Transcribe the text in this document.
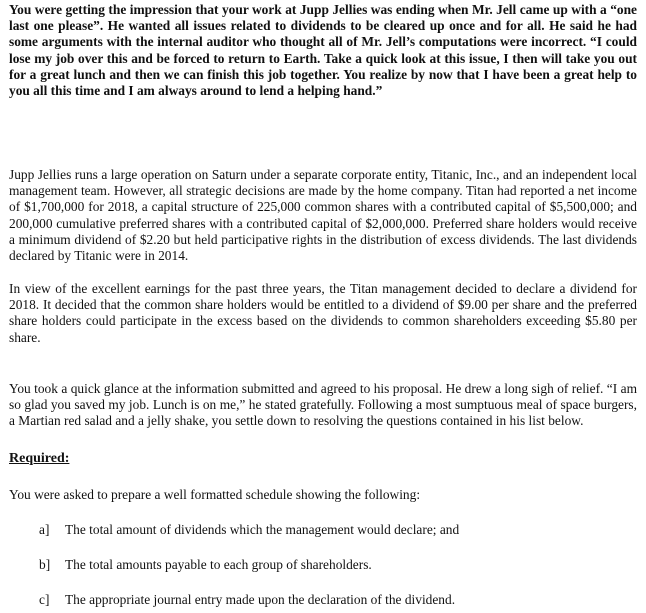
You were getting the impression that your work at Jupp Jellies was ending when Mr. Jell came up with a “one last one please”. He wanted all issues related to dividends to be cleared up once and for all. He said he had some arguments with the internal auditor who thought all of Mr. Jell’s computations were incorrect. “I could lose my job over this and be forced to return to Earth. Take a quick look at this issue, I then will take you out for a great lunch and then we can finish this job together. You realize by now that I have been a great help to you all this time and I am always around to lend a helping hand.”

Jupp Jellies runs a large operation on Saturn under a separate corporate entity, Titanic, Inc., and an independent local management team. However, all strategic decisions are made by the home company. Titan had reported a net income of $1,700,000 for 2018, a capital structure of 225,000 common shares with a contributed capital of $5,500,000; and 200,000 cumulative preferred shares with a contributed capital of $2,000,000. Preferred share holders would receive a minimum dividend of $2.20 but held participative rights in the distribution of excess dividends. The last dividends declared by Titanic were in 2014.

In view of the excellent earnings for the past three years, the Titan management decided to declare a dividend for 2018. It decided that the common share holders would be entitled to a dividend of $9.00 per share and the preferred share holders could participate in the excess based on the dividends to common shareholders exceeding $5.80 per share.

You took a quick glance at the information submitted and agreed to his proposal. He drew a long sigh of relief. “I am so glad you saved my job. Lunch is on me,” he stated gratefully. Following a most sumptuous meal of space burgers, a Martian red salad and a jelly shake, you settle down to resolving the questions contained in his list below.

Required:
You were asked to prepare a well formatted schedule showing the following:
a] The total amount of dividends which the management would declare; and
b] The total amounts payable to each group of shareholders.
c] The appropriate journal entry made upon the declaration of the dividend.
